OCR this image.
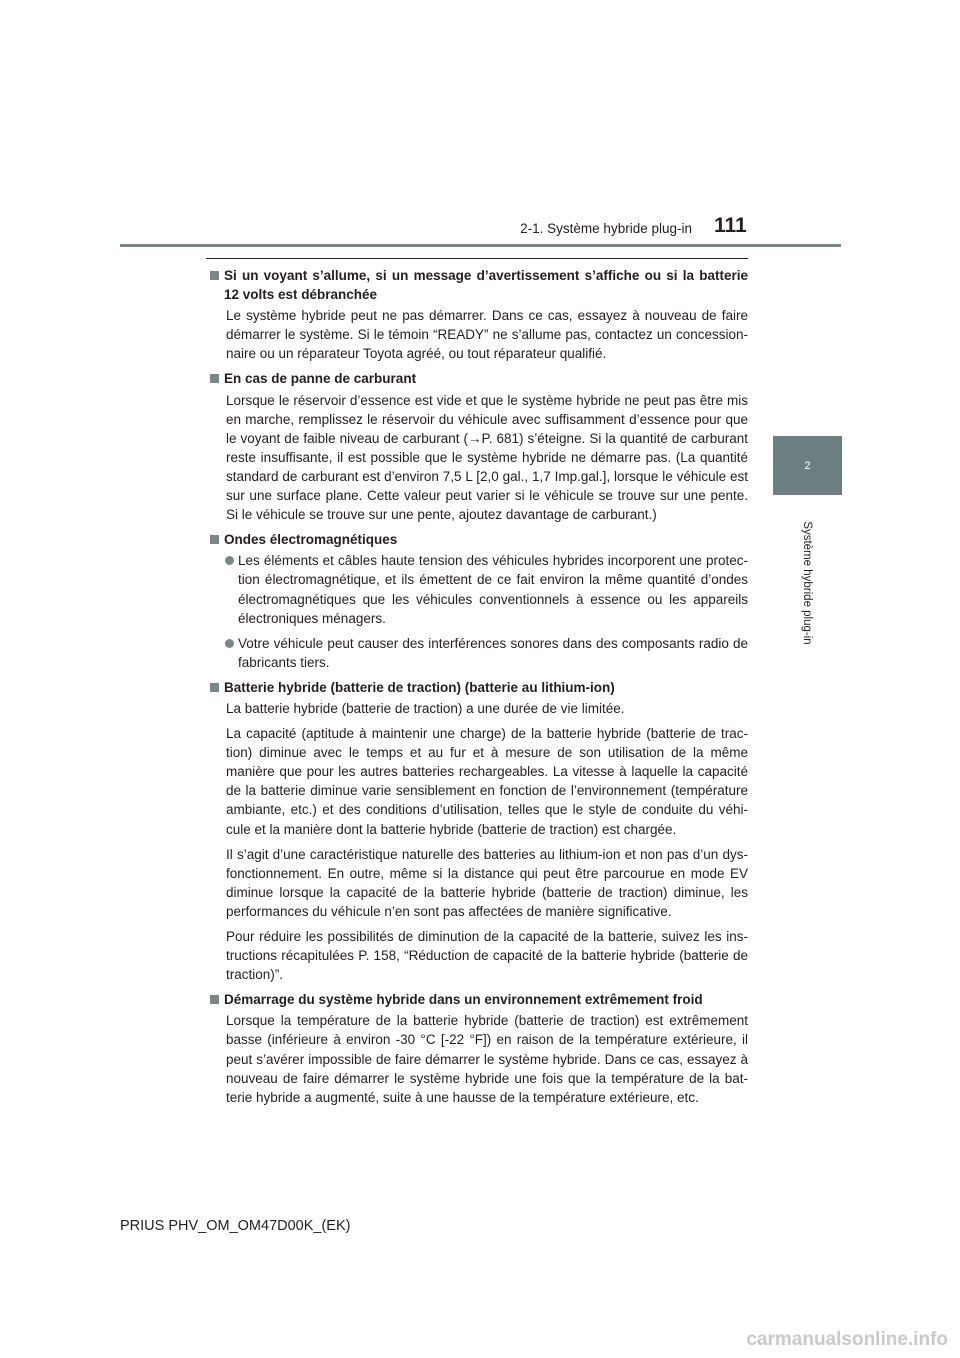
2-1. Système hybride plug-in 111
2
Système hybride plug-in
Si un voyant s’allume, si un message d’avertissement s’affiche ou si la batterie 12 volts est débranchée
Le système hybride peut ne pas démarrer. Dans ce cas, essayez à nouveau de faire démarrer le système. Si le témoin “READY” ne s’allume pas, contactez un concession-naire ou un réparateur Toyota agréé, ou tout réparateur qualifié.
En cas de panne de carburant
Lorsque le réservoir d’essence est vide et que le système hybride ne peut pas être mis en marche, remplissez le réservoir du véhicule avec suffisamment d’essence pour que le voyant de faible niveau de carburant (→P. 681) s’éteigne. Si la quantité de carburant reste insuffisante, il est possible que le système hybride ne démarre pas. (La quantité standard de carburant est d’environ 7,5 L [2,0 gal., 1,7 Imp.gal.], lorsque le véhicule est sur une surface plane. Cette valeur peut varier si le véhicule se trouve sur une pente. Si le véhicule se trouve sur une pente, ajoutez davantage de carburant.)
Ondes électromagnétiques
Les éléments et câbles haute tension des véhicules hybrides incorporent une protec-tion électromagnétique, et ils émettent de ce fait environ la même quantité d’ondes électromagnétiques que les véhicules conventionnels à essence ou les appareils électroniques ménagers.
Votre véhicule peut causer des interférences sonores dans des composants radio de fabricants tiers.
Batterie hybride (batterie de traction) (batterie au lithium-ion)
La batterie hybride (batterie de traction) a une durée de vie limitée.
La capacité (aptitude à maintenir une charge) de la batterie hybride (batterie de trac-tion) diminue avec le temps et au fur et à mesure de son utilisation de la même manière que pour les autres batteries rechargeables. La vitesse à laquelle la capacité de la batterie diminue varie sensiblement en fonction de l’environnement (température ambiante, etc.) et des conditions d’utilisation, telles que le style de conduite du véhi-cule et la manière dont la batterie hybride (batterie de traction) est chargée.
Il s’agit d’une caractéristique naturelle des batteries au lithium-ion et non pas d’un dys-fonctionnement. En outre, même si la distance qui peut être parcourue en mode EV diminue lorsque la capacité de la batterie hybride (batterie de traction) diminue, les performances du véhicule n’en sont pas affectées de manière significative.
Pour réduire les possibilités de diminution de la capacité de la batterie, suivez les ins-tructions récapitulées P. 158, “Réduction de capacité de la batterie hybride (batterie de traction)”.
Démarrage du système hybride dans un environnement extrêmement froid
Lorsque la température de la batterie hybride (batterie de traction) est extrêmement basse (inférieure à environ -30 °C [-22 °F]) en raison de la température extérieure, il peut s’avérer impossible de faire démarrer le système hybride. Dans ce cas, essayez à nouveau de faire démarrer le système hybride une fois que la température de la bat-terie hybride a augmenté, suite à une hausse de la température extérieure, etc.
PRIUS PHV_OM_OM47D00K_(EK)
carmanualsonline.info
